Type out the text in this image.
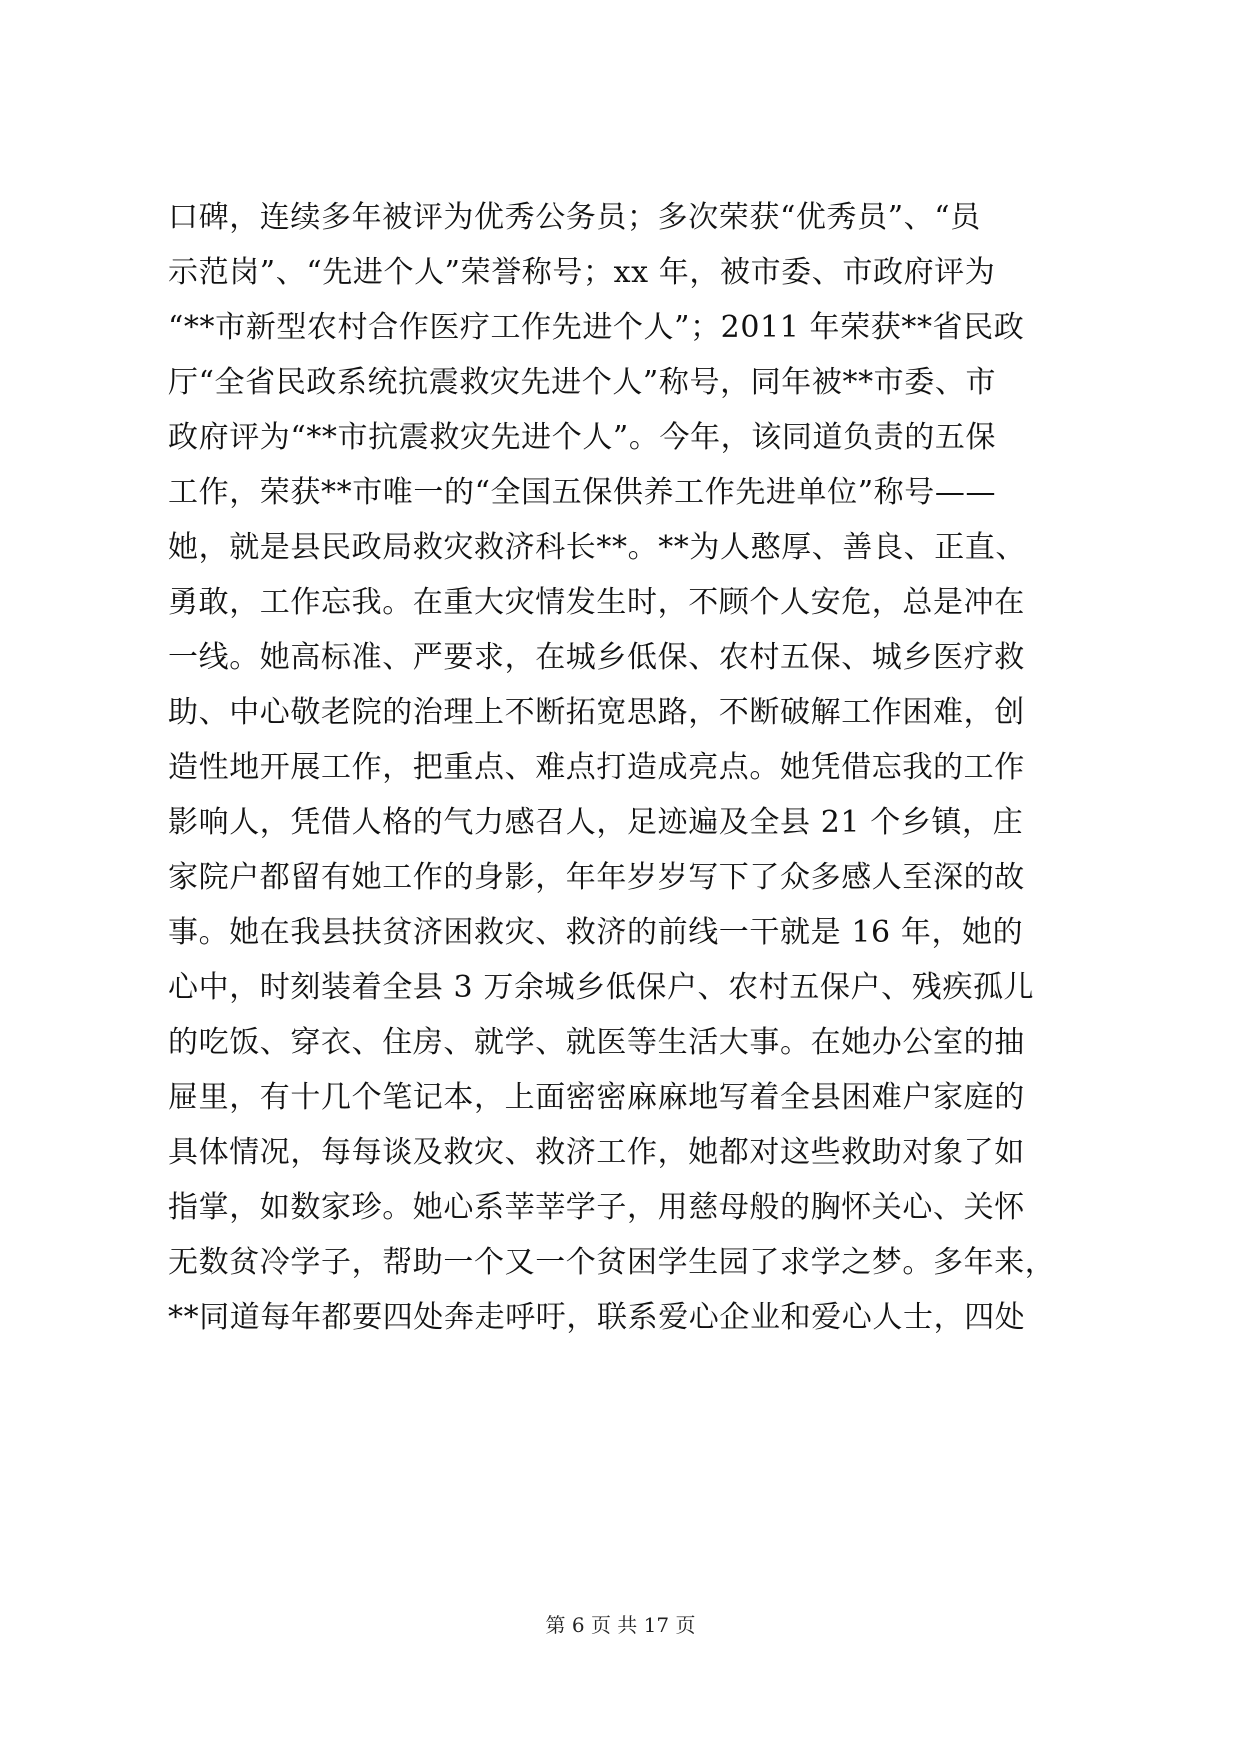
口碑，连续多年被评为优秀公务员；多次荣获“优秀员”、“员
示范岗”、“先进个人”荣誉称号；xx 年，被市委、市政府评为
“**市新型农村合作医疗工作先进个人”；2011 年荣获**省民政
厅“全省民政系统抗震救灾先进个人”称号，同年被**市委、市
政府评为“**市抗震救灾先进个人”。今年，该同道负责的五保
工作，荣获**市唯一的“全国五保供养工作先进单位”称号——
她，就是县民政局救灾救济科长**。**为人憨厚、善良、正直、
勇敢，工作忘我。在重大灾情发生时，不顾个人安危，总是冲在
一线。她高标准、严要求，在城乡低保、农村五保、城乡医疗救
助、中心敬老院的治理上不断拓宽思路，不断破解工作困难，创
造性地开展工作，把重点、难点打造成亮点。她凭借忘我的工作
影响人，凭借人格的气力感召人，足迹遍及全县 21 个乡镇，庄
家院户都留有她工作的身影，年年岁岁写下了众多感人至深的故
事。她在我县扶贫济困救灾、救济的前线一干就是 16 年，她的
心中，时刻装着全县 3 万余城乡低保户、农村五保户、残疾孤儿
的吃饭、穿衣、住房、就学、就医等生活大事。在她办公室的抽
屉里，有十几个笔记本，上面密密麻麻地写着全县困难户家庭的
具体情况，每每谈及救灾、救济工作，她都对这些救助对象了如
指掌，如数家珍。她心系莘莘学子，用慈母般的胸怀关心、关怀
无数贫冷学子，帮助一个又一个贫困学生园了求学之梦。多年来，
**同道每年都要四处奔走呼吁，联系爱心企业和爱心人士，四处
第 6 页 共 17 页
